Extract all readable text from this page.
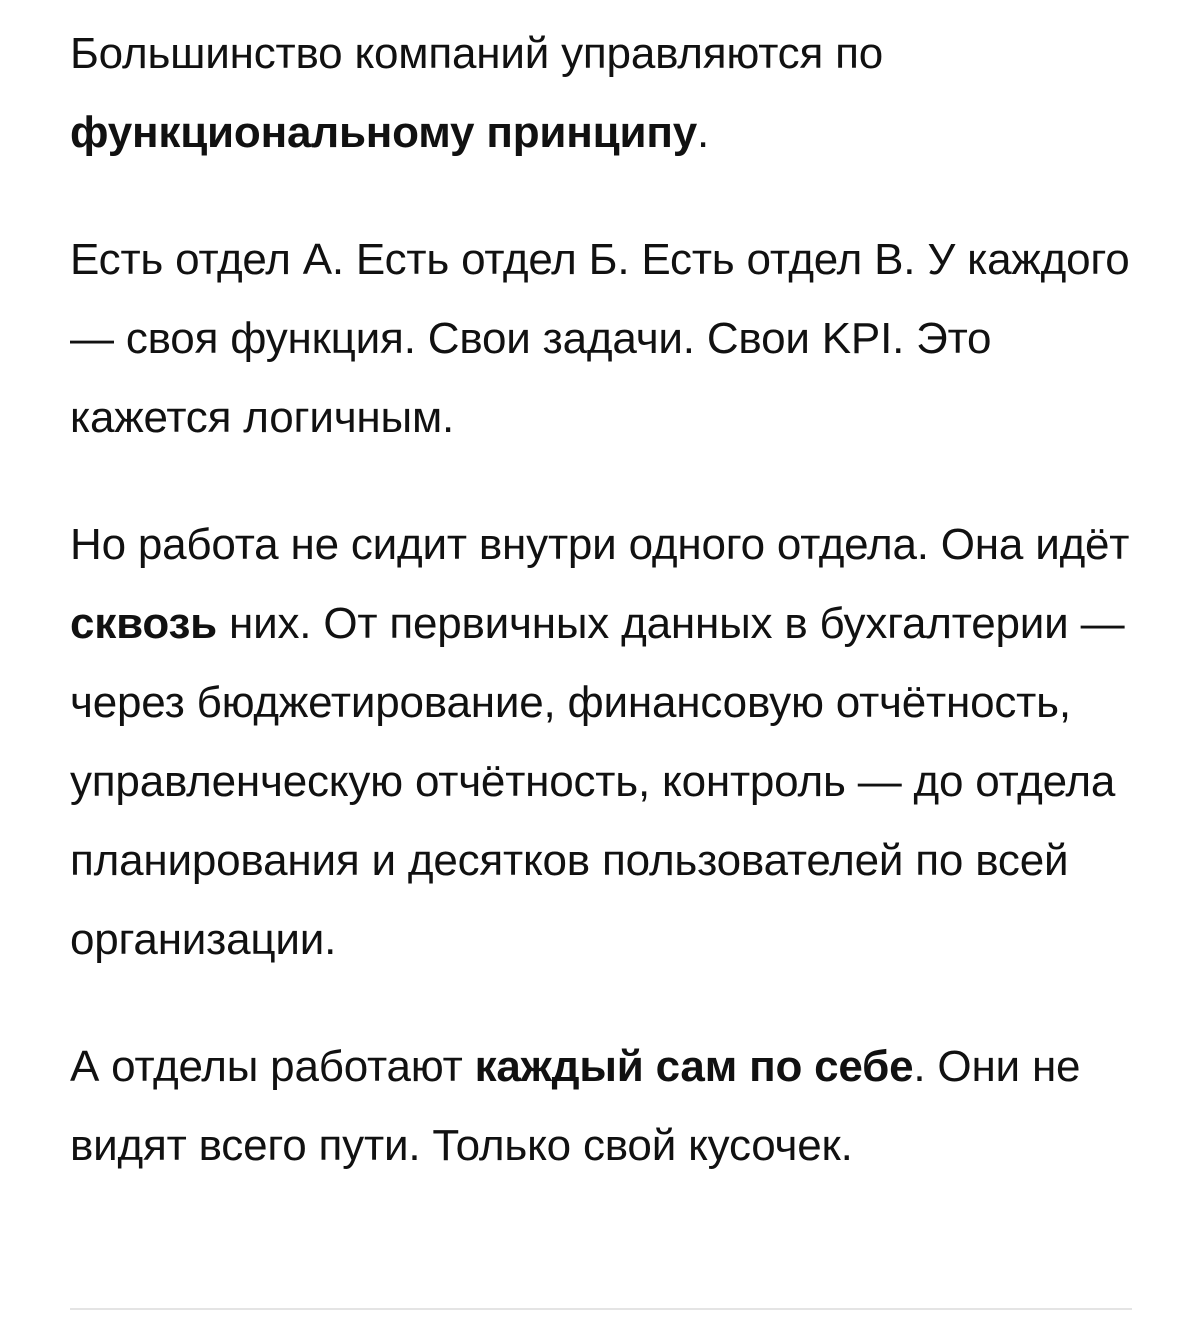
Большинство компаний управляются по функциональному принципу.

Есть отдел А. Есть отдел Б. Есть отдел В. У каждого — своя функция. Свои задачи. Свои KPI. Это кажется логичным.

Но работа не сидит внутри одного отдела. Она идёт сквозь них. От первичных данных в бухгалтерии — через бюджетирование, финансовую отчётность, управленческую отчётность, контроль — до отдела планирования и десятков пользователей по всей организации.

А отделы работают каждый сам по себе. Они не видят всего пути. Только свой кусочек.
